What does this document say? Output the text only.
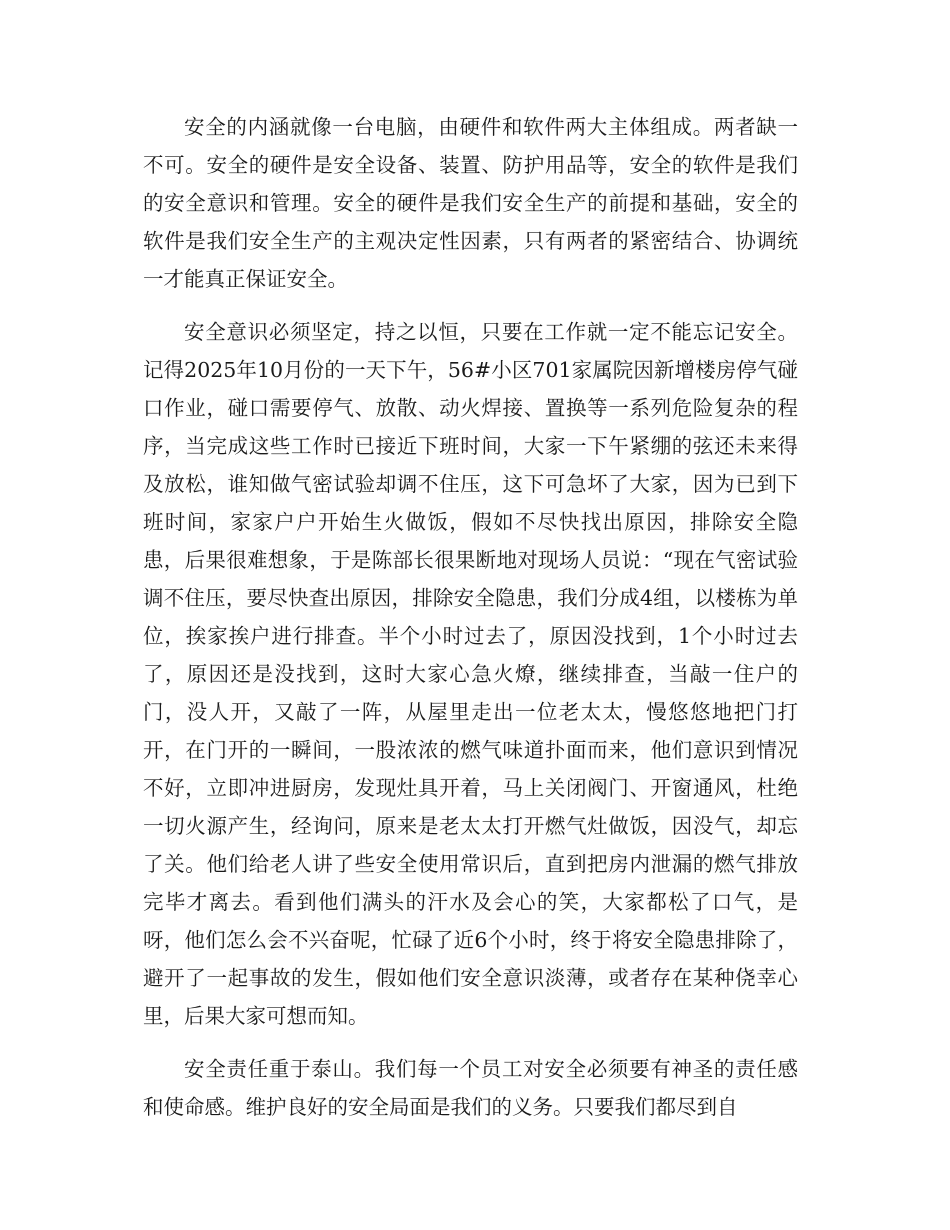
安全的内涵就像一台电脑，由硬件和软件两大主体组成。两者缺一不可。安全的硬件是安全设备、装置、防护用品等，安全的软件是我们的安全意识和管理。安全的硬件是我们安全生产的前提和基础，安全的软件是我们安全生产的主观决定性因素，只有两者的紧密结合、协调统一才能真正保证安全。

安全意识必须坚定，持之以恒，只要在工作就一定不能忘记安全。记得2025年10月份的一天下午，56#小区701家属院因新增楼房停气碰口作业，碰口需要停气、放散、动火焊接、置换等一系列危险复杂的程序，当完成这些工作时已接近下班时间，大家一下午紧绷的弦还未来得及放松，谁知做气密试验却调不住压，这下可急坏了大家，因为已到下班时间，家家户户开始生火做饭，假如不尽快找出原因，排除安全隐患，后果很难想象，于是陈部长很果断地对现场人员说：“现在气密试验调不住压，要尽快查出原因，排除安全隐患，我们分成4组，以楼栋为单位，挨家挨户进行排查。半个小时过去了，原因没找到，1个小时过去了，原因还是没找到，这时大家心急火燎，继续排查，当敲一住户的门，没人开，又敲了一阵，从屋里走出一位老太太，慢悠悠地把门打开，在门开的一瞬间，一股浓浓的燃气味道扑面而来，他们意识到情况不好，立即冲进厨房，发现灶具开着，马上关闭阀门、开窗通风，杜绝一切火源产生，经询问，原来是老太太打开燃气灶做饭，因没气，却忘了关。他们给老人讲了些安全使用常识后，直到把房内泄漏的燃气排放完毕才离去。看到他们满头的汗水及会心的笑，大家都松了口气，是呀，他们怎么会不兴奋呢，忙碌了近6个小时，终于将安全隐患排除了，避开了一起事故的发生，假如他们安全意识淡薄，或者存在某种侥幸心里，后果大家可想而知。

安全责任重于泰山。我们每一个员工对安全必须要有神圣的责任感和使命感。维护良好的安全局面是我们的义务。只要我们都尽到自
